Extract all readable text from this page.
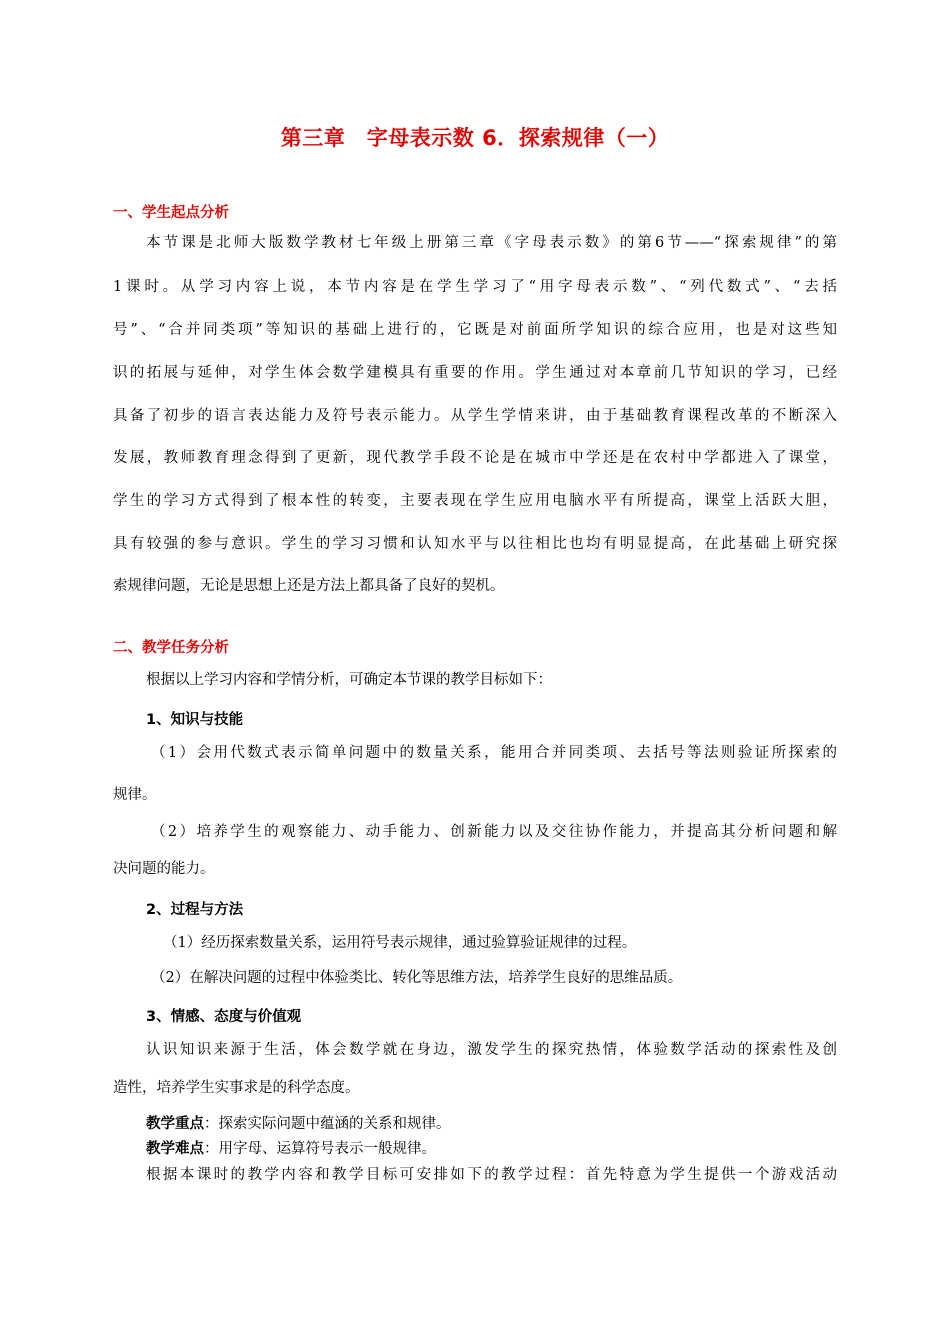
第三章　字母表示数 6．探索规律（一）
一、学生起点分析
本节课是北师大版数学教材七年级上册第三章《字母表示数》的第6节——“探索规律”的第
1课时。从学习内容上说，本节内容是在学生学习了“用字母表示数”、“列代数式”、“去括
号”、“合并同类项”等知识的基础上进行的，它既是对前面所学知识的综合应用，也是对这些知
识的拓展与延伸，对学生体会数学建模具有重要的作用。学生通过对本章前几节知识的学习，已经
具备了初步的语言表达能力及符号表示能力。从学生学情来讲，由于基础教育课程改革的不断深入
发展，教师教育理念得到了更新，现代教学手段不论是在城市中学还是在农村中学都进入了课堂，
学生的学习方式得到了根本性的转变，主要表现在学生应用电脑水平有所提高，课堂上活跃大胆，
具有较强的参与意识。学生的学习习惯和认知水平与以往相比也均有明显提高，在此基础上研究探
索规律问题，无论是思想上还是方法上都具备了良好的契机。
二、教学任务分析
根据以上学习内容和学情分析，可确定本节课的教学目标如下：
1、知识与技能
（1）会用代数式表示简单问题中的数量关系，能用合并同类项、去括号等法则验证所探索的
规律。
（2）培养学生的观察能力、动手能力、创新能力以及交往协作能力，并提高其分析问题和解
决问题的能力。
2、过程与方法
（1）经历探索数量关系，运用符号表示规律，通过验算验证规律的过程。
（2）在解决问题的过程中体验类比、转化等思维方法，培养学生良好的思维品质。
3、情感、态度与价值观
认识知识来源于生活，体会数学就在身边，激发学生的探究热情，体验数学活动的探索性及创
造性，培养学生实事求是的科学态度。
教学重点：探索实际问题中蕴涵的关系和规律。
教学难点：用字母、运算符号表示一般规律。
根据本课时的教学内容和教学目标可安排如下的教学过程：首先特意为学生提供一个游戏活动
